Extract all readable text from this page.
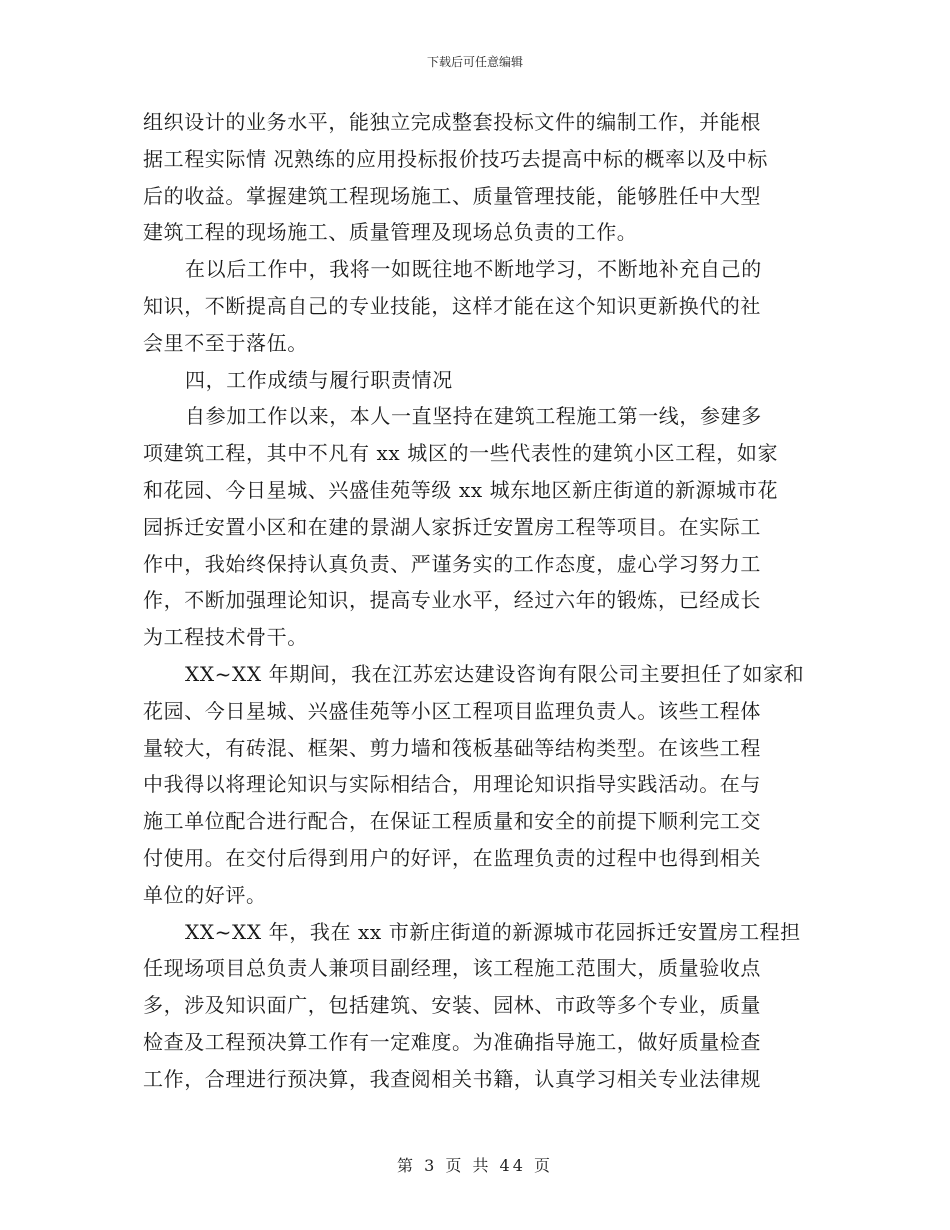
下载后可任意编辑
组织设计的业务水平，能独立完成整套投标文件的编制工作，并能根
据工程实际情 况熟练的应用投标报价技巧去提高中标的概率以及中标
后的收益。掌握建筑工程现场施工、质量管理技能，能够胜任中大型
建筑工程的现场施工、质量管理及现场总负责的工作。
在以后工作中，我将一如既往地不断地学习，不断地补充自己的
知识，不断提高自己的专业技能，这样才能在这个知识更新换代的社
会里不至于落伍。
四，工作成绩与履行职责情况
自参加工作以来，本人一直坚持在建筑工程施工第一线，参建多
项建筑工程，其中不凡有 xx 城区的一些代表性的建筑小区工程，如家
和花园、今日星城、兴盛佳苑等级 xx 城东地区新庄街道的新源城市花
园拆迁安置小区和在建的景湖人家拆迁安置房工程等项目。在实际工
作中，我始终保持认真负责、严谨务实的工作态度，虚心学习努力工
作，不断加强理论知识，提高专业水平，经过六年的锻炼，已经成长
为工程技术骨干。
XX~XX 年期间，我在江苏宏达建设咨询有限公司主要担任了如家和
花园、今日星城、兴盛佳苑等小区工程项目监理负责人。该些工程体
量较大，有砖混、框架、剪力墙和筏板基础等结构类型。在该些工程
中我得以将理论知识与实际相结合，用理论知识指导实践活动。在与
施工单位配合进行配合，在保证工程质量和安全的前提下顺利完工交
付使用。在交付后得到用户的好评，在监理负责的过程中也得到相关
单位的好评。
XX~XX 年，我在 xx 市新庄街道的新源城市花园拆迁安置房工程担
任现场项目总负责人兼项目副经理，该工程施工范围大，质量验收点
多，涉及知识面广，包括建筑、安装、园林、市政等多个专业，质量
检查及工程预决算工作有一定难度。为准确指导施工，做好质量检查
工作，合理进行预决算，我查阅相关书籍，认真学习相关专业法律规
第 3 页 共 44 页
